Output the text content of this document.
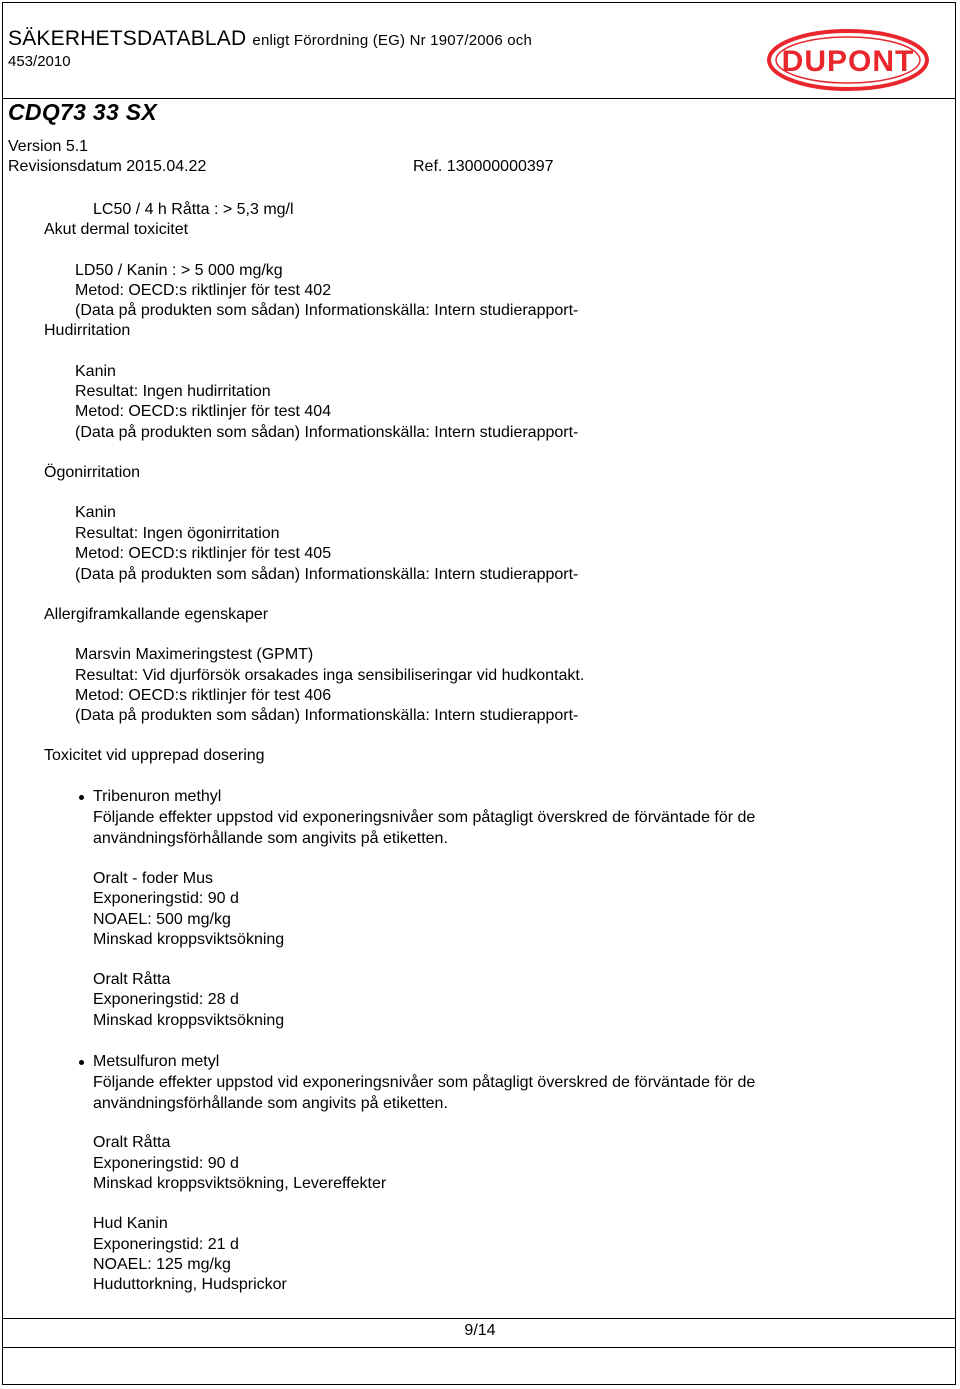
SÄKERHETSDATABLAD enligt Förordning (EG) Nr 1907/2006 och
453/2010	DUPONT
CDQ73 33 SX
Version 5.1
Revisionsdatum 2015.04.22	Ref. 130000000397
LC50 / 4 h Råtta : > 5,3 mg/l
Akut dermal toxicitet
LD50 / Kanin : > 5 000 mg/kg
Metod: OECD:s riktlinjer för test 402
(Data på produkten som sådan) Informationskälla: Intern studierapport-
Hudirritation
Kanin
Resultat: Ingen hudirritation
Metod: OECD:s riktlinjer för test 404
(Data på produkten som sådan) Informationskälla: Intern studierapport-
Ögonirritation
Kanin
Resultat: Ingen ögonirritation
Metod: OECD:s riktlinjer för test 405
(Data på produkten som sådan) Informationskälla: Intern studierapport-
Allergiframkallande egenskaper
Marsvin Maximeringstest (GPMT)
Resultat: Vid djurförsök orsakades inga sensibiliseringar vid hudkontakt.
Metod: OECD:s riktlinjer för test 406
(Data på produkten som sådan) Informationskälla: Intern studierapport-
Toxicitet vid upprepad dosering
Tribenuron methyl
Följande effekter uppstod vid exponeringsnivåer som påtagligt överskred de förväntade för de
användningsförhållande som angivits på etiketten.
Oralt - foder Mus
Exponeringstid: 90 d
NOAEL: 500 mg/kg
Minskad kroppsviktsökning
Oralt Råtta
Exponeringstid: 28 d
Minskad kroppsviktsökning
Metsulfuron metyl
Följande effekter uppstod vid exponeringsnivåer som påtagligt överskred de förväntade för de
användningsförhållande som angivits på etiketten.
Oralt Råtta
Exponeringstid: 90 d
Minskad kroppsviktsökning, Levereffekter
Hud Kanin
Exponeringstid: 21 d
NOAEL: 125 mg/kg
Huduttorkning, Hudsprickor
9/14
